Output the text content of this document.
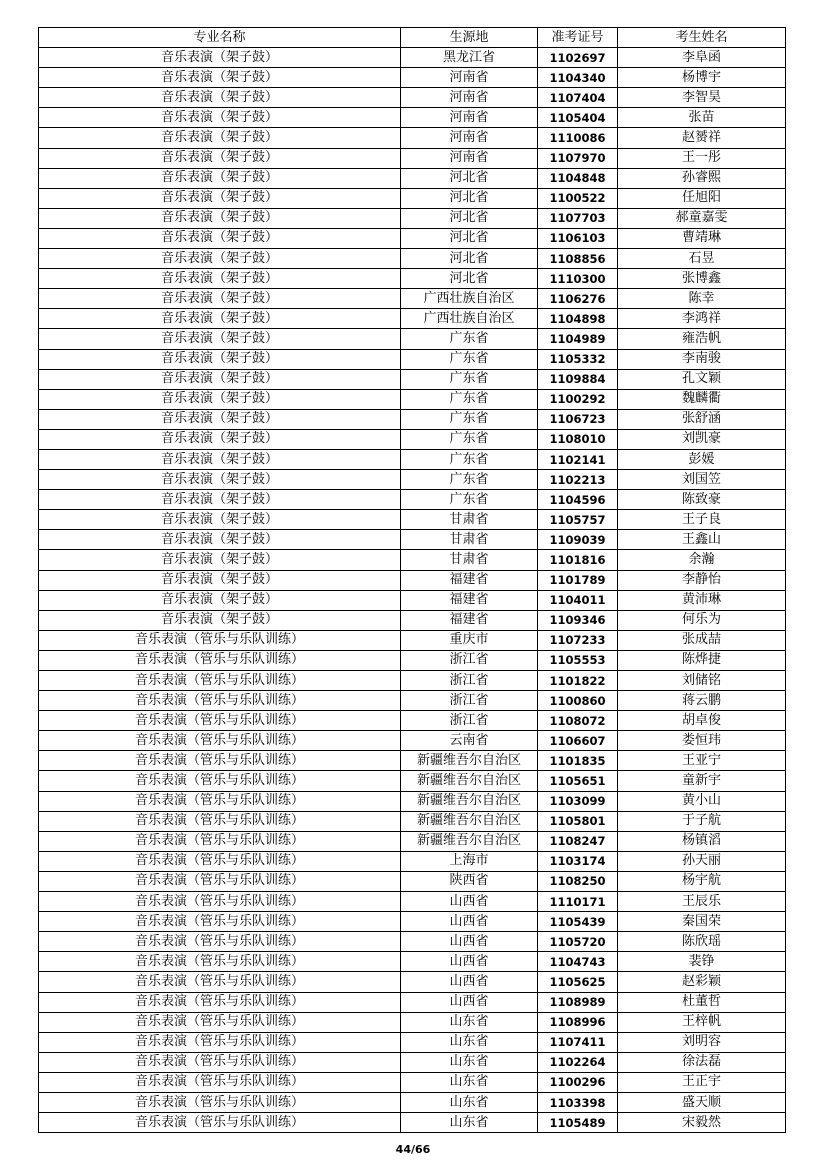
专业名称	生源地	准考证号	考生姓名
音乐表演（架子鼓）	黑龙江省	1102697	李阜函
音乐表演（架子鼓）	河南省	1104340	杨博宇
音乐表演（架子鼓）	河南省	1107404	李智昊
音乐表演（架子鼓）	河南省	1105404	张苗
音乐表演（架子鼓）	河南省	1110086	赵赟祥
音乐表演（架子鼓）	河南省	1107970	王一彤
音乐表演（架子鼓）	河北省	1104848	孙睿熙
音乐表演（架子鼓）	河北省	1100522	任旭阳
音乐表演（架子鼓）	河北省	1107703	郝童嘉雯
音乐表演（架子鼓）	河北省	1106103	曹靖琳
音乐表演（架子鼓）	河北省	1108856	石昱
音乐表演（架子鼓）	河北省	1110300	张博鑫
音乐表演（架子鼓）	广西壮族自治区	1106276	陈幸
音乐表演（架子鼓）	广西壮族自治区	1104898	李鸿祥
音乐表演（架子鼓）	广东省	1104989	雍浩帆
音乐表演（架子鼓）	广东省	1105332	李南骏
音乐表演（架子鼓）	广东省	1109884	孔文颖
音乐表演（架子鼓）	广东省	1100292	魏麟衢
音乐表演（架子鼓）	广东省	1106723	张舒涵
音乐表演（架子鼓）	广东省	1108010	刘凯豪
音乐表演（架子鼓）	广东省	1102141	彭媛
音乐表演（架子鼓）	广东省	1102213	刘国笠
音乐表演（架子鼓）	广东省	1104596	陈致豪
音乐表演（架子鼓）	甘肃省	1105757	王子良
音乐表演（架子鼓）	甘肃省	1109039	王鑫山
音乐表演（架子鼓）	甘肃省	1101816	余瀚
音乐表演（架子鼓）	福建省	1101789	李静怡
音乐表演（架子鼓）	福建省	1104011	黄沛琳
音乐表演（架子鼓）	福建省	1109346	何乐为
音乐表演（管乐与乐队训练）	重庆市	1107233	张成喆
音乐表演（管乐与乐队训练）	浙江省	1105553	陈烨捷
音乐表演（管乐与乐队训练）	浙江省	1101822	刘储铭
音乐表演（管乐与乐队训练）	浙江省	1100860	蒋云鹏
音乐表演（管乐与乐队训练）	浙江省	1108072	胡卓俊
音乐表演（管乐与乐队训练）	云南省	1106607	娄恒玮
音乐表演（管乐与乐队训练）	新疆维吾尔自治区	1101835	王亚宁
音乐表演（管乐与乐队训练）	新疆维吾尔自治区	1105651	童新宇
音乐表演（管乐与乐队训练）	新疆维吾尔自治区	1103099	黄小山
音乐表演（管乐与乐队训练）	新疆维吾尔自治区	1105801	于子航
音乐表演（管乐与乐队训练）	新疆维吾尔自治区	1108247	杨镇滔
音乐表演（管乐与乐队训练）	上海市	1103174	孙天丽
音乐表演（管乐与乐队训练）	陕西省	1108250	杨宇航
音乐表演（管乐与乐队训练）	山西省	1110171	王辰乐
音乐表演（管乐与乐队训练）	山西省	1105439	秦国荣
音乐表演（管乐与乐队训练）	山西省	1105720	陈欣瑶
音乐表演（管乐与乐队训练）	山西省	1104743	裴铮
音乐表演（管乐与乐队训练）	山西省	1105625	赵彩颖
音乐表演（管乐与乐队训练）	山西省	1108989	杜董哲
音乐表演（管乐与乐队训练）	山东省	1108996	王梓帆
音乐表演（管乐与乐队训练）	山东省	1107411	刘明容
音乐表演（管乐与乐队训练）	山东省	1102264	徐法磊
音乐表演（管乐与乐队训练）	山东省	1100296	王正宇
音乐表演（管乐与乐队训练）	山东省	1103398	盛天顺
音乐表演（管乐与乐队训练）	山东省	1105489	宋毅然
44/66
